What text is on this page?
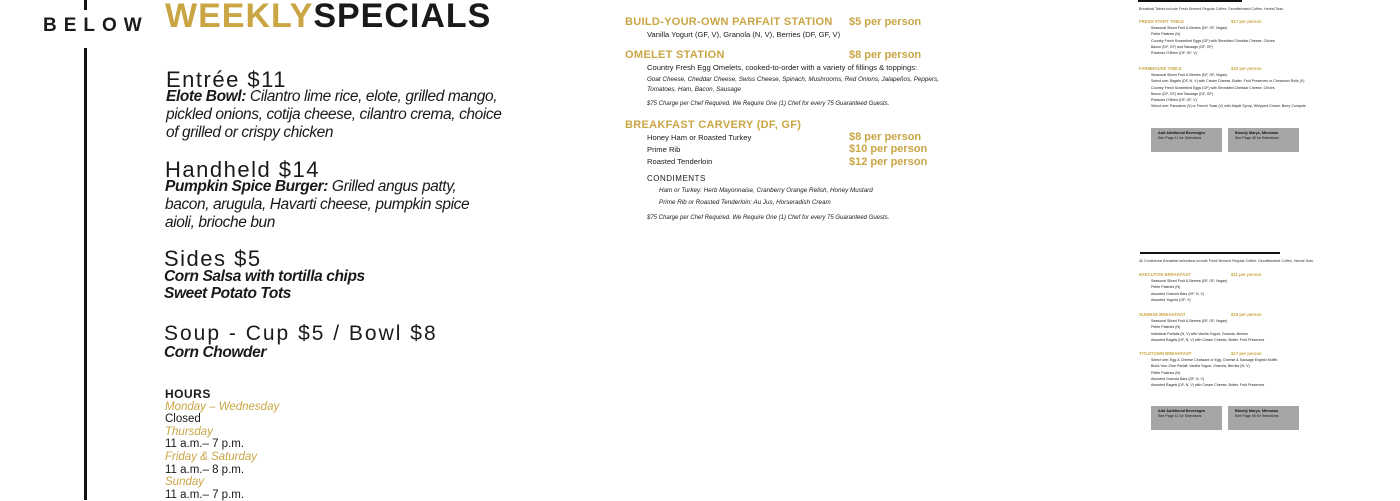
BELOW WEEKLYSPECIALS
Entrée $11
Elote Bowl: Cilantro lime rice, elote, grilled mango, pickled onions, cotija cheese, cilantro crema, choice of grilled or crispy chicken
Handheld $14
Pumpkin Spice Burger: Grilled angus patty, bacon, arugula, Havarti cheese, pumpkin spice aioli, brioche bun
Sides $5
Corn Salsa with tortilla chips
Sweet Potato Tots
Soup - Cup $5 / Bowl $8
Corn Chowder
HOURS
Monday – Wednesday
Closed
Thursday
11 a.m.– 7 p.m.
Friday & Saturday
11 a.m.– 8 p.m.
Sunday
11 a.m.– 7 p.m.
BUILD-YOUR-OWN PARFAIT STATION $5 per person
Vanilla Yogurt (GF, V), Granola (N, V), Berries (DF, GF, V)
OMELET STATION	$8 per person
Country Fresh Egg Omelets, cooked-to-order with a variety of fillings & toppings:
Goat Cheese, Cheddar Cheese, Swiss Cheese, Spinach, Mushrooms, Red Onions, Jalapeños, Peppers,
Tomatoes, Ham, Bacon, Sausage
$75 Charge per Chef Required. We Require One (1) Chef for every 75 Guaranteed Guests.
BREAKFAST CARVERY (DF, GF)
Honey Ham or Roasted Turkey	$8 per person
Prime Rib	$10 per person
Roasted Tenderloin	$12 per person
CONDIMENTS
Ham or Turkey: Herb Mayonnaise, Cranberry Orange Relish, Honey Mustard
Prime Rib or Roasted Tenderloin: Au Jus, Horseradish Cream
$75 Charge per Chef Required. We Require One (1) Chef for every 75 Guaranteed Guests.
Breakfast Tables include Fresh Brewed Regular Coffee, Decaffeinated Coffee, Herbal Teas.
FRESH START TABLE	$17 per person
Seasonal Sliced Fruit & Berries (DF, GF, Vegan)
Petite Pastries (N)
Country Fresh Scrambled Eggs (GF) with Shredded Cheddar Cheese, Chives
Bacon (DF, GF) and Sausage (DF, GF)
Potatoes O'Brien (DF, GF, V)
FARMHOUSE TABLE	$20 per person
Seasonal Sliced Fruit & Berries (DF, GF, Vegan)
Select one: Bagels (DF, N, V) with Cream Cheese, Butter, Fruit Preserves or Cinnamon Rolls (V)
Country Fresh Scrambled Eggs (GF) with Shredded Cheddar Cheese, Chives
Bacon (DF, GF) and Sausage (DF, GF)
Potatoes O'Brien (DF, GF, V)
Select one: Pancakes (V) or French Toast (V) with Maple Syrup, Whipped Cream, Berry Compote
Add Additional Beverages
See Page 11 for Selections
Bloody Marys, Mimosas
See Page 40 for Selections
All Continental Breakfast selections include Fresh Brewed Regular Coffee, Decaffeinated Coffee, Herbal Teas.
EXECUTIVE BREAKFAST	$11 per person
Seasonal Sliced Fruit & Berries (DF, GF, Vegan)
Petite Pastries (N)
Assorted Granola Bars (DF, N, V)
Assorted Yogurts (GF, V)
SUNRISE BREAKFAST	$15 per person
Seasonal Sliced Fruit & Berries (DF, GF, Vegan)
Petite Pastries (N)
Individual Parfaits (N, V) with Vanilla Yogurt, Granola, Berries
Assorted Bagels (DF, N, V) with Cream Cheese, Butter, Fruit Preserves
TITLETOWN BREAKFAST	$17 per person
Select one: Egg & Cheese Croissant or Egg, Cheese & Sausage English Muffin
Build-Your-Own Parfait: Vanilla Yogurt, Granola, Berries (N, V)
Petite Pastries (N)
Assorted Granola Bars (DF, N, V)
Assorted Bagels (DF, N, V) with Cream Cheese, Butter, Fruit Preserves
Add Additional Beverages
See Page 11 for Selections
Bloody Marys, Mimosas
See Page 40 for Selections
